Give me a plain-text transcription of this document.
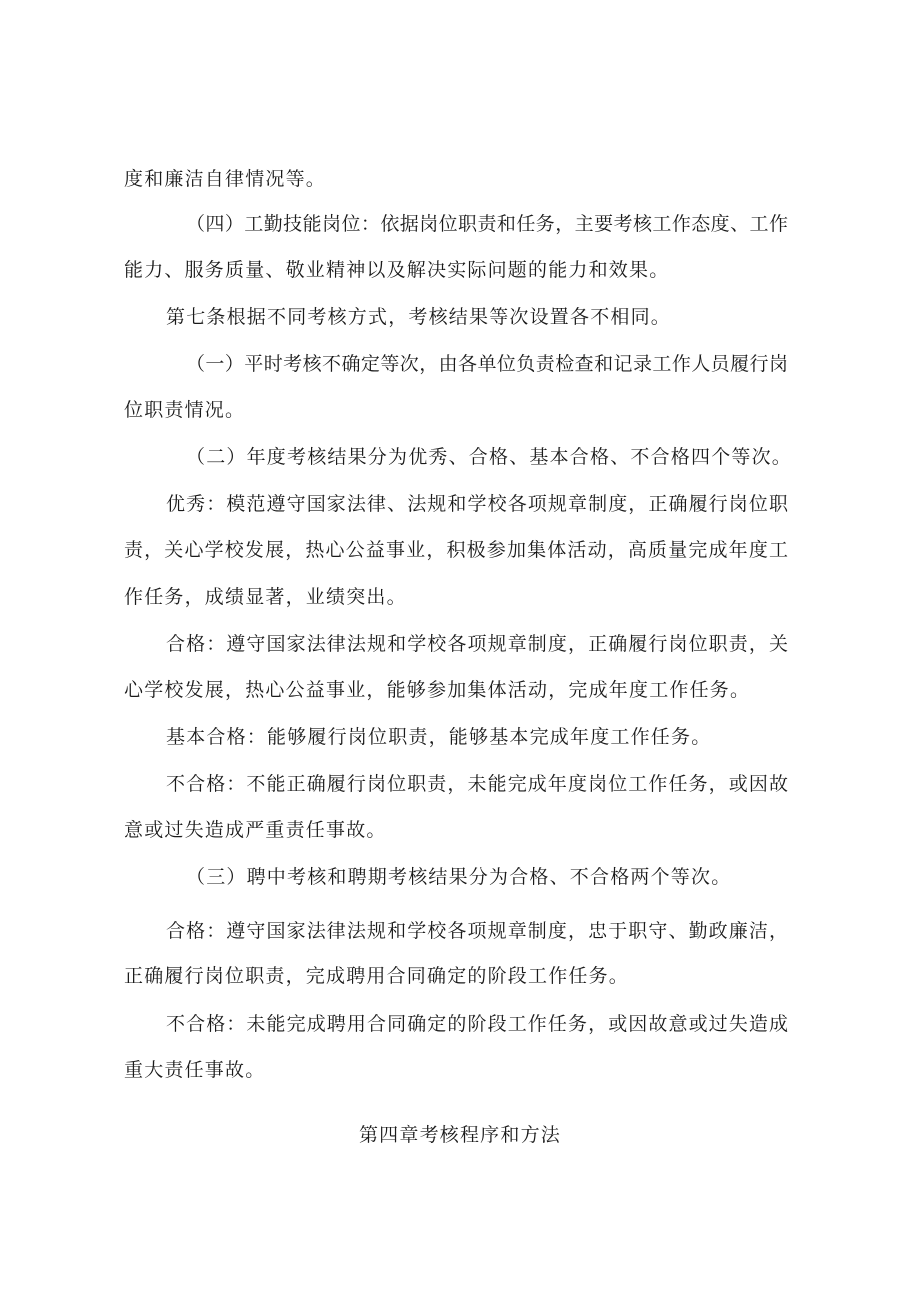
度和廉洁自律情况等。
（四）工勤技能岗位：依据岗位职责和任务，主要考核工作态度、工作
能力、服务质量、敬业精神以及解决实际问题的能力和效果。
第七条根据不同考核方式，考核结果等次设置各不相同。
（一）平时考核不确定等次，由各单位负责检查和记录工作人员履行岗
位职责情况。
（二）年度考核结果分为优秀、合格、基本合格、不合格四个等次。
优秀：模范遵守国家法律、法规和学校各项规章制度，正确履行岗位职
责，关心学校发展，热心公益事业，积极参加集体活动，高质量完成年度工
作任务，成绩显著，业绩突出。
合格：遵守国家法律法规和学校各项规章制度，正确履行岗位职责，关
心学校发展，热心公益事业，能够参加集体活动，完成年度工作任务。
基本合格：能够履行岗位职责，能够基本完成年度工作任务。
不合格：不能正确履行岗位职责，未能完成年度岗位工作任务，或因故
意或过失造成严重责任事故。
（三）聘中考核和聘期考核结果分为合格、不合格两个等次。
合格：遵守国家法律法规和学校各项规章制度，忠于职守、勤政廉洁，
正确履行岗位职责，完成聘用合同确定的阶段工作任务。
不合格：未能完成聘用合同确定的阶段工作任务，或因故意或过失造成
重大责任事故。
第四章考核程序和方法
